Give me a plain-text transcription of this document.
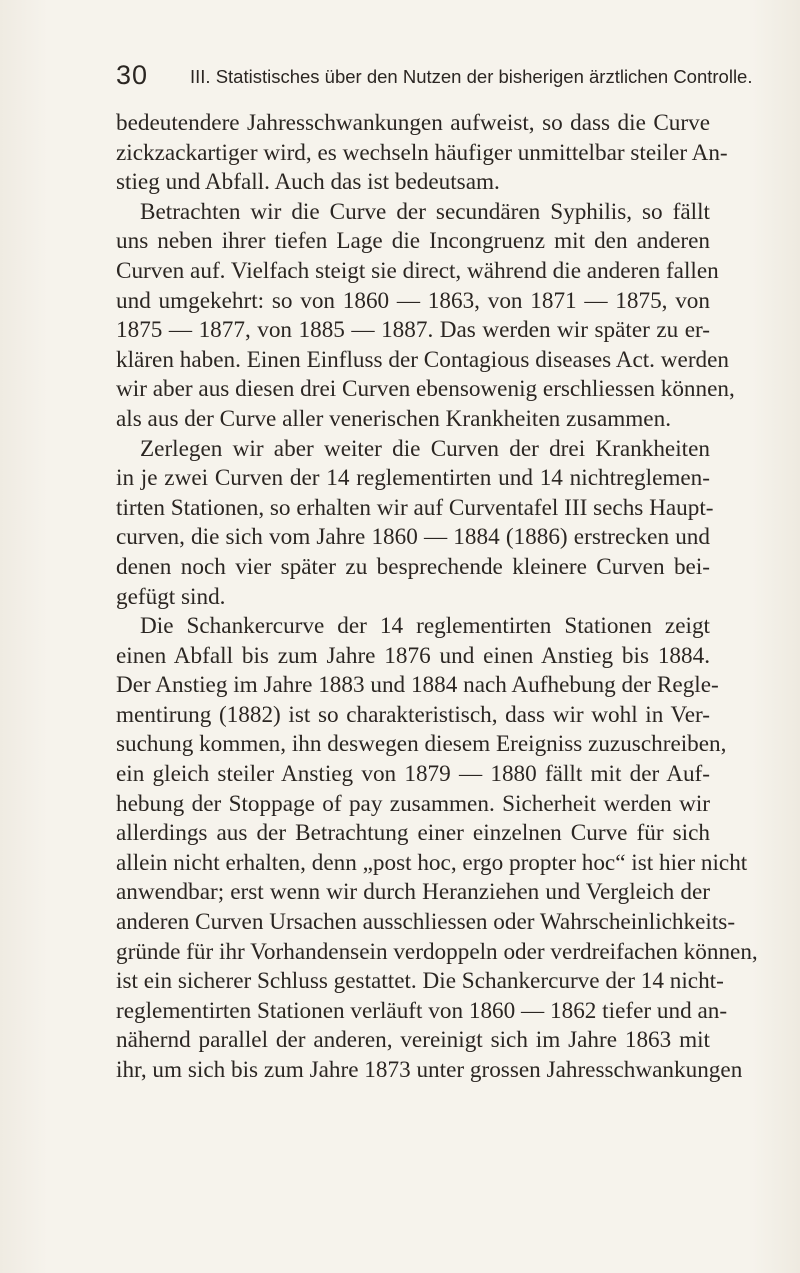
30 III. Statistisches über den Nutzen der bisherigen ärztlichen Controlle.
bedeutendere Jahresschwankungen aufweist, so dass die Curve
zickzackartiger wird, es wechseln häufiger unmittelbar steiler An-
stieg und Abfall. Auch das ist bedeutsam.
Betrachten wir die Curve der secundären Syphilis, so fällt
uns neben ihrer tiefen Lage die Incongruenz mit den anderen
Curven auf. Vielfach steigt sie direct, während die anderen fallen
und umgekehrt: so von 1860 — 1863, von 1871 — 1875, von
1875 — 1877, von 1885 — 1887. Das werden wir später zu er-
klären haben. Einen Einfluss der Contagious diseases Act. werden
wir aber aus diesen drei Curven ebensowenig erschliessen können,
als aus der Curve aller venerischen Krankheiten zusammen.
Zerlegen wir aber weiter die Curven der drei Krankheiten
in je zwei Curven der 14 reglementirten und 14 nichtreglemen-
tirten Stationen, so erhalten wir auf Curventafel III sechs Haupt-
curven, die sich vom Jahre 1860 — 1884 (1886) erstrecken und
denen noch vier später zu besprechende kleinere Curven bei-
gefügt sind.
Die Schankercurve der 14 reglementirten Stationen zeigt
einen Abfall bis zum Jahre 1876 und einen Anstieg bis 1884.
Der Anstieg im Jahre 1883 und 1884 nach Aufhebung der Regle-
mentirung (1882) ist so charakteristisch, dass wir wohl in Ver-
suchung kommen, ihn deswegen diesem Ereigniss zuzuschreiben,
ein gleich steiler Anstieg von 1879 — 1880 fällt mit der Auf-
hebung der Stoppage of pay zusammen. Sicherheit werden wir
allerdings aus der Betrachtung einer einzelnen Curve für sich
allein nicht erhalten, denn „post hoc, ergo propter hoc“ ist hier nicht
anwendbar; erst wenn wir durch Heranziehen und Vergleich der
anderen Curven Ursachen ausschliessen oder Wahrscheinlichkeits-
gründe für ihr Vorhandensein verdoppeln oder verdreifachen können,
ist ein sicherer Schluss gestattet. Die Schankercurve der 14 nicht-
reglementirten Stationen verläuft von 1860 — 1862 tiefer und an-
nähernd parallel der anderen, vereinigt sich im Jahre 1863 mit
ihr, um sich bis zum Jahre 1873 unter grossen Jahresschwankungen
